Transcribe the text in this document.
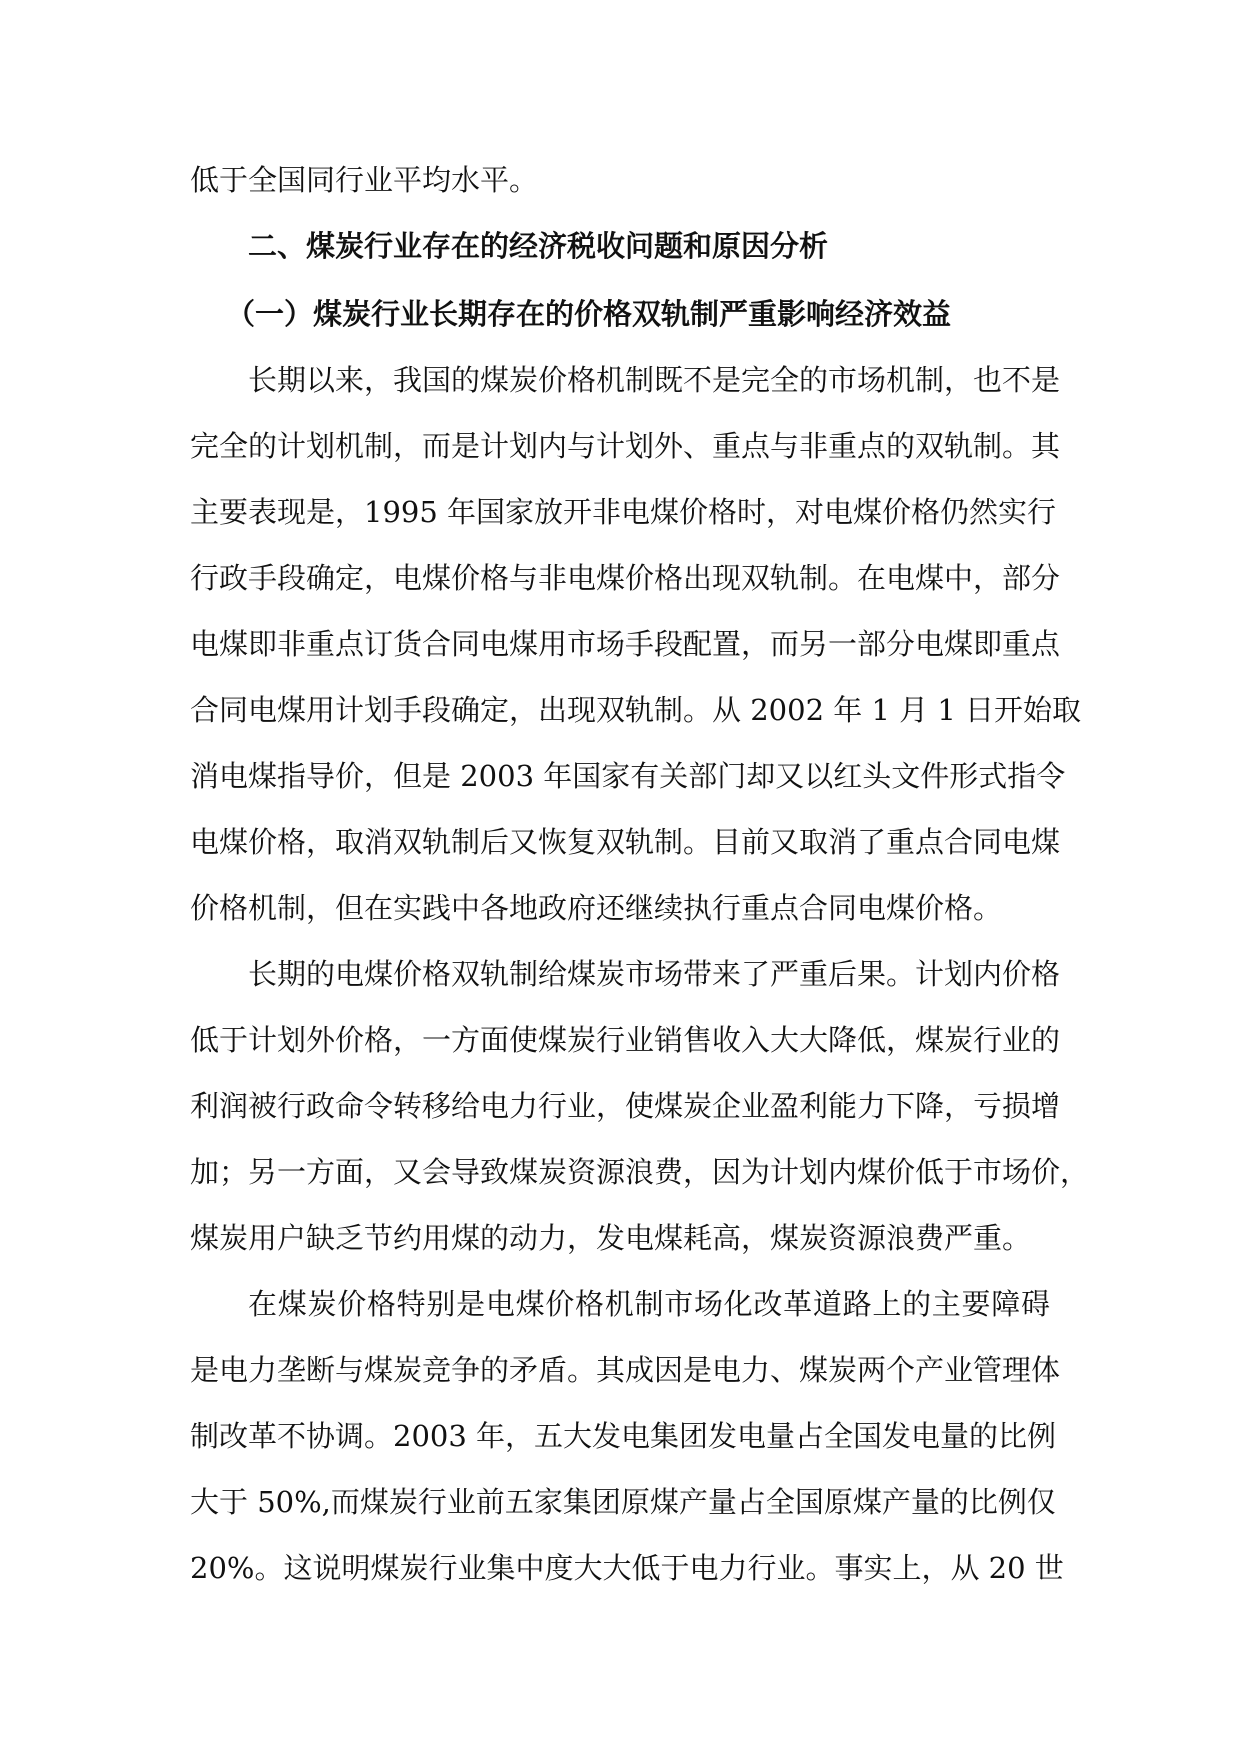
低于全国同行业平均水平。
二、煤炭行业存在的经济税收问题和原因分析
（一）煤炭行业长期存在的价格双轨制严重影响经济效益
长期以来，我国的煤炭价格机制既不是完全的市场机制，也不是
完全的计划机制，而是计划内与计划外、重点与非重点的双轨制。其
主要表现是，1995 年国家放开非电煤价格时，对电煤价格仍然实行
行政手段确定，电煤价格与非电煤价格出现双轨制。在电煤中，部分
电煤即非重点订货合同电煤用市场手段配置，而另一部分电煤即重点
合同电煤用计划手段确定，出现双轨制。从 2002 年 1 月 1 日开始取
消电煤指导价，但是 2003 年国家有关部门却又以红头文件形式指令
电煤价格，取消双轨制后又恢复双轨制。目前又取消了重点合同电煤
价格机制，但在实践中各地政府还继续执行重点合同电煤价格。
长期的电煤价格双轨制给煤炭市场带来了严重后果。计划内价格
低于计划外价格，一方面使煤炭行业销售收入大大降低，煤炭行业的
利润被行政命令转移给电力行业，使煤炭企业盈利能力下降，亏损增
加；另一方面，又会导致煤炭资源浪费，因为计划内煤价低于市场价，
煤炭用户缺乏节约用煤的动力，发电煤耗高，煤炭资源浪费严重。
在煤炭价格特别是电煤价格机制市场化改革道路上的主要障碍
是电力垄断与煤炭竞争的矛盾。其成因是电力、煤炭两个产业管理体
制改革不协调。2003 年，五大发电集团发电量占全国发电量的比例
大于 50%,而煤炭行业前五家集团原煤产量占全国原煤产量的比例仅
20%。这说明煤炭行业集中度大大低于电力行业。事实上，从 20 世
